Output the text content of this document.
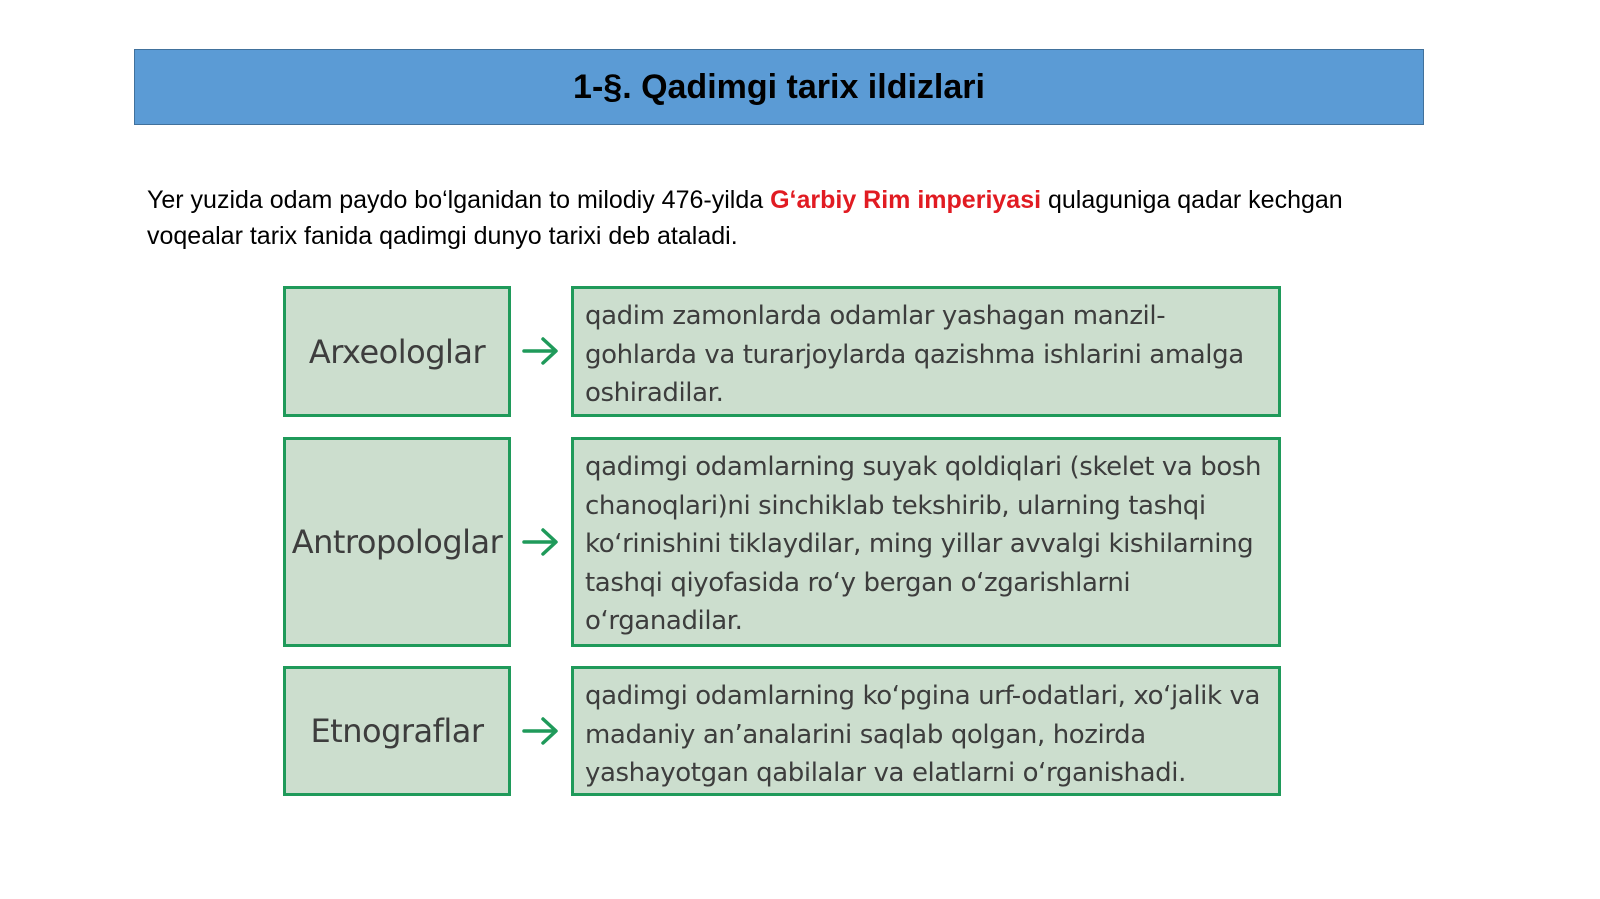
1-§. Qadimgi tarix ildizlari
Yer yuzida odam paydo bo‘lganidan to milodiy 476-yilda G‘arbiy Rim imperiyasi qulaguniga qadar kechgan voqealar tarix fanida qadimgi dunyo tarixi deb ataladi.
Arxeologlar
qadim zamonlarda odamlar yashagan manzil-gohlarda va turarjoylarda qazishma ishlarini amalga oshiradilar.
Antropologlar
qadimgi odamlarning suyak qoldiqlari (skelet va bosh chanoqlari)ni sinchiklab tekshirib, ularning tashqi ko‘rinishini tiklaydilar, ming yillar avvalgi kishilarning tashqi qiyofasida ro‘y bergan o‘zgarishlarni o‘rganadilar.
Etnograflar
qadimgi odamlarning ko‘pgina urf-odatlari, xo‘jalik va madaniy an’analarini saqlab qolgan, hozirda yashayotgan qabilalar va elatlarni o‘rganishadi.
